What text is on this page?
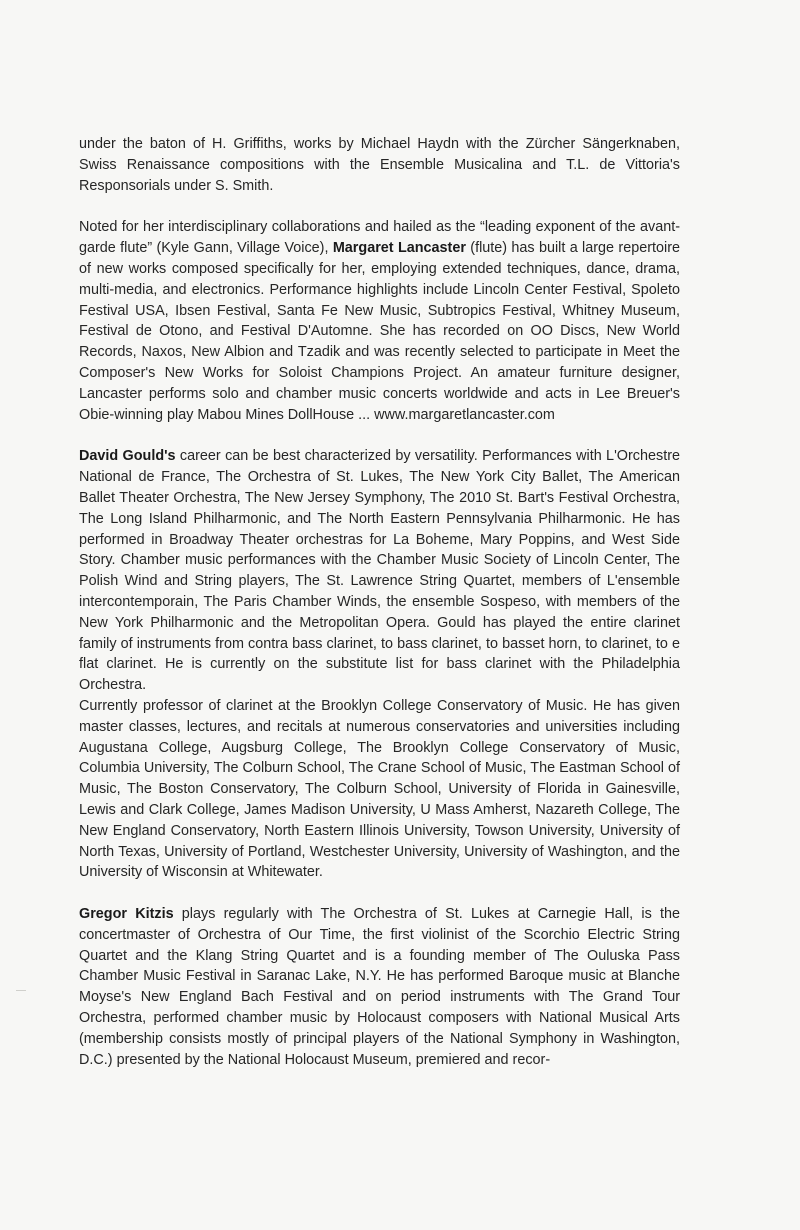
under the baton of H. Griffiths, works by Michael Haydn with the Zürcher Sängerknaben, Swiss Renaissance compositions with the Ensemble Musicalina and T.L. de Vittoria's Responsorials under S. Smith.

Noted for her interdisciplinary collaborations and hailed as the “leading exponent of the avant-garde flute” (Kyle Gann, Village Voice), Margaret Lancaster (flute) has built a large repertoire of new works composed specifically for her, employing extended techniques, dance, drama, multi-media, and electronics. Performance highlights include Lincoln Center Festival, Spoleto Festival USA, Ibsen Festival, Santa Fe New Music, Subtropics Festival, Whitney Museum, Festival de Otono, and Festival D'Automne. She has recorded on OO Discs, New World Records, Naxos, New Albion and Tzadik and was recently selected to participate in Meet the Composer's New Works for Soloist Champions Project. An amateur furniture designer, Lancaster performs solo and chamber music concerts worldwide and acts in Lee Breuer's Obie-winning play Mabou Mines DollHouse ... www.margaretlancaster.com

David Gould's career can be best characterized by versatility. Performances with L'Orchestre National de France, The Orchestra of St. Lukes, The New York City Ballet, The American Ballet Theater Orchestra, The New Jersey Symphony, The 2010 St. Bart's Festival Orchestra, The Long Island Philharmonic, and The North Eastern Pennsylvania Philharmonic. He has performed in Broadway Theater orchestras for La Boheme, Mary Poppins, and West Side Story. Chamber music performances with the Chamber Music Society of Lincoln Center, The Polish Wind and String players, The St. Lawrence String Quartet, members of L'ensemble intercontemporain, The Paris Chamber Winds, the ensemble Sospeso, with members of the New York Philharmonic and the Metropolitan Opera. Gould has played the entire clarinet family of instruments from contra bass clarinet, to bass clarinet, to basset horn, to clarinet, to e flat clarinet. He is currently on the substitute list for bass clarinet with the Philadelphia Orchestra.

Currently professor of clarinet at the Brooklyn College Conservatory of Music. He has given master classes, lectures, and recitals at numerous conservatories and universities including Augustana College, Augsburg College, The Brooklyn College Conservatory of Music, Columbia University, The Colburn School, The Crane School of Music, The Eastman School of Music, The Boston Conservatory, The Colburn School, University of Florida in Gainesville, Lewis and Clark College, James Madison University, U Mass Amherst, Nazareth College, The New England Conservatory, North Eastern Illinois University, Towson University, University of North Texas, University of Portland, Westchester University, University of Washington, and the University of Wisconsin at Whitewater.

Gregor Kitzis plays regularly with The Orchestra of St. Lukes at Carnegie Hall, is the concertmaster of Orchestra of Our Time, the first violinist of the Scorchio Electric String Quartet and the Klang String Quartet and is a founding member of The Ouluska Pass Chamber Music Festival in Saranac Lake, N.Y. He has performed Baroque music at Blanche Moyse's New England Bach Festival and on period instruments with The Grand Tour Orchestra, performed chamber music by Holocaust composers with National Musical Arts (membership consists mostly of principal players of the National Symphony in Washington, D.C.) presented by the National Holocaust Museum, premiered and recor-
